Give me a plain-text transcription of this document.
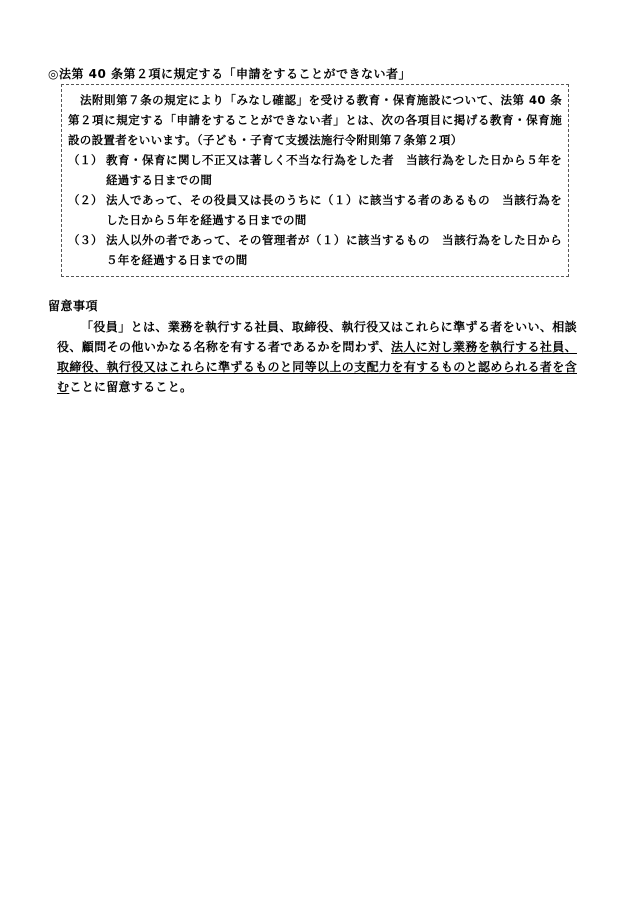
◎法第 40 条第２項に規定する「申請をすることができない者」

法附則第７条の規定により「みなし確認」を受ける教育・保育施設について、法第 40 条第２項に規定する「申請をすることができない者」とは、次の各項目に掲げる教育・保育施設の設置者をいいます。（子ども・子育て支援法施行令附則第７条第２項）

（１） 教育・保育に関し不正又は著しく不当な行為をした者　当該行為をした日から５年を経過する日までの間
（２） 法人であって、その役員又は長のうちに（１）に該当する者のあるもの　当該行為をした日から５年を経過する日までの間
（３） 法人以外の者であって、その管理者が（１）に該当するもの　当該行為をした日から５年を経過する日までの間
留意事項
「役員」とは、業務を執行する社員、取締役、執行役又はこれらに準ずる者をいい、相談役、顧問その他いかなる名称を有する者であるかを問わず、法人に対し業務を執行する社員、取締役、執行役又はこれらに準ずるものと同等以上の支配力を有するものと認められる者を含むことに留意すること。
